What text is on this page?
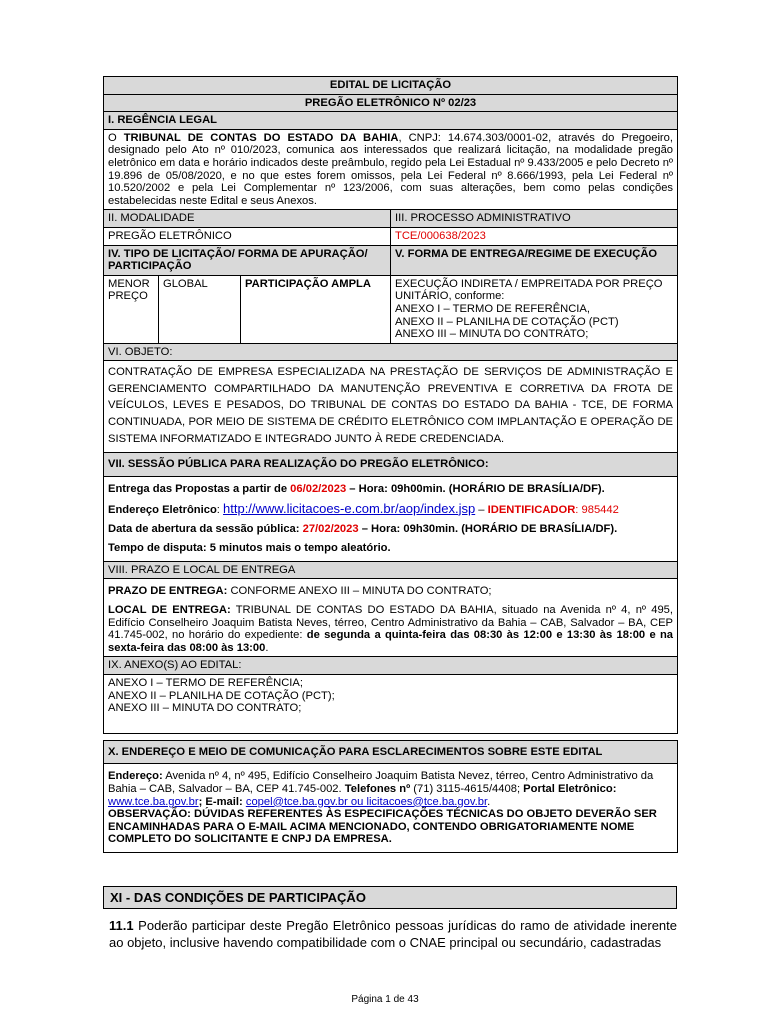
EDITAL DE LICITAÇÃO			
PREGÃO ELETRÔNICO Nº 02/23			
I. REGÊNCIA LEGAL			
O TRIBUNAL DE CONTAS DO ESTADO DA BAHIA, CNPJ: 14.674.303/0001-02, através do Pregoeiro, designado pelo Ato nº 010/2023, comunica aos interessados que realizará licitação, na modalidade pregão eletrônico em data e horário indicados deste preâmbulo, regido pela Lei Estadual nº 9.433/2005 e pelo Decreto nº 19.896 de 05/08/2020, e no que estes forem omissos, pela Lei Federal nº 8.666/1993, pela Lei Federal nº 10.520/2002 e pela Lei Complementar nº 123/2006, com suas alterações, bem como pelas condições estabelecidas neste Edital e seus Anexos.			
II. MODALIDADE			III. PROCESSO ADMINISTRATIVO
PREGÃO ELETRÔNICO			TCE/000638/2023
IV. TIPO DE LICITAÇÃO/ FORMA DE APURAÇÃO/ PARTICIPAÇÃO			V. FORMA DE ENTREGA/REGIME DE EXECUÇÃO
MENOR PREÇO	GLOBAL	PARTICIPAÇÃO AMPLA	EXECUÇÃO INDIRETA / EMPREITADA POR PREÇO UNITÁRIO, conforme:
ANEXO I – TERMO DE REFERÊNCIA,
ANEXO II – PLANILHA DE COTAÇÃO (PCT)
ANEXO III – MINUTA DO CONTRATO;

VI. OBJETO:			
CONTRATAÇÃO DE EMPRESA ESPECIALIZADA NA PRESTAÇÃO DE SERVIÇOS DE ADMINISTRAÇÃO E GERENCIAMENTO COMPARTILHADO DA MANUTENÇÃO PREVENTIVA E CORRETIVA DA FROTA DE VEÍCULOS, LEVES E PESADOS, DO TRIBUNAL DE CONTAS DO ESTADO DA BAHIA - TCE, DE FORMA CONTINUADA, POR MEIO DE SISTEMA DE CRÉDITO ELETRÔNICO COM IMPLANTAÇÃO E OPERAÇÃO DE SISTEMA INFORMATIZADO E INTEGRADO JUNTO À REDE CREDENCIADA.			
VII. SESSÃO PÚBLICA PARA REALIZAÇÃO DO PREGÃO ELETRÔNICO:			

Entrega das Propostas a partir de 06/02/2023 – Hora: 09h00min. (HORÁRIO DE BRASÍLIA/DF).
Endereço Eletrônico: http://www.licitacoes-e.com.br/aop/index.jsp – IDENTIFICADOR: 985442
Data de abertura da sessão pública: 27/02/2023 – Hora: 09h30min. (HORÁRIO DE BRASÍLIA/DF).
Tempo de disputa: 5 minutos mais o tempo aleatório.			

VIII. PRAZO E LOCAL DE ENTREGA			

PRAZO DE ENTREGA: CONFORME ANEXO III – MINUTA DO CONTRATO;
LOCAL DE ENTREGA: TRIBUNAL DE CONTAS DO ESTADO DA BAHIA, situado na Avenida nº 4, nº 495, Edifício Conselheiro Joaquim Batista Neves, térreo, Centro Administrativo da Bahia – CAB, Salvador – BA, CEP 41.745-002, no horário do expediente: de segunda a quinta-feira das 08:30 às 12:00 e 13:30 às 18:00 e na sexta-feira das 08:00 às 13:00.			

IX. ANEXO(S) AO EDITAL:			

ANEXO I – TERMO DE REFERÊNCIA;
ANEXO II – PLANILHA DE COTAÇÃO (PCT);
ANEXO III – MINUTA DO CONTRATO;			

X. ENDEREÇO E MEIO DE COMUNICAÇÃO PARA ESCLARECIMENTOS SOBRE ESTE EDITAL			

Endereço: Avenida nº 4, nº 495, Edifício Conselheiro Joaquim Batista Nevez, térreo, Centro Administrativo da Bahia – CAB, Salvador – BA, CEP 41.745-002. Telefones nº (71) 3115-4615/4408; Portal Eletrônico: www.tce.ba.gov.br; E-mail: copel@tce.ba.gov.br ou licitacoes@tce.ba.gov.br.
OBSERVAÇÃO: DÚVIDAS REFERENTES ÀS ESPECIFICAÇÕES TÉCNICAS DO OBJETO DEVERÃO SER ENCAMINHADAS PARA O E-MAIL ACIMA MENCIONADO, CONTENDO OBRIGATORIAMENTE NOME COMPLETO DO SOLICITANTE E CNPJ DA EMPRESA.			
XI - DAS CONDIÇÕES DE PARTICIPAÇÃO

11.1 Poderão participar deste Pregão Eletrônico pessoas jurídicas do ramo de atividade inerente ao objeto, inclusive havendo compatibilidade com o CNAE principal ou secundário, cadastradas

Página 1 de 43
